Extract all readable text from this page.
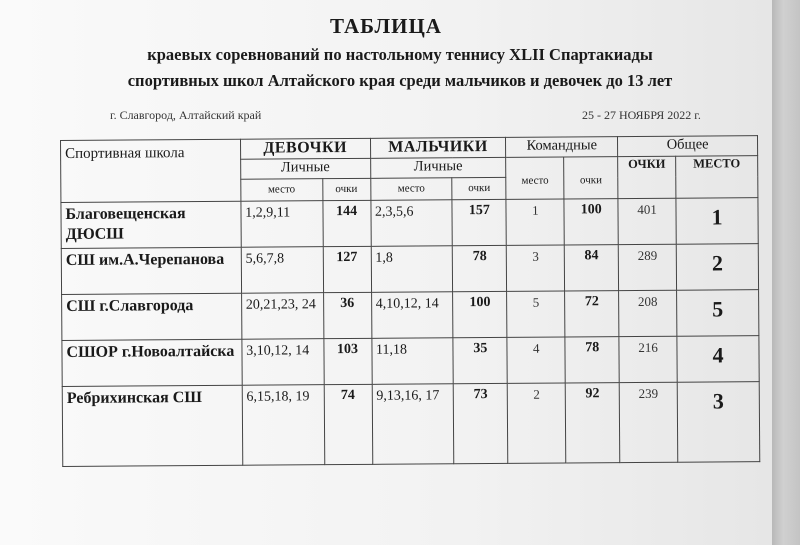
ТАБЛИЦА
краевых соревнований по настольному теннису XLII Спартакиады
спортивных школ Алтайского края среди мальчиков и девочек до 13 лет
г. Славгород, Алтайский край	25 - 27 НОЯБРЯ 2022 г.
Спортивная школа	ДЕВОЧКИ		МАЛЬЧИКИ		Командные		Общее	
	Личные		Личные		место	очки	ОЧКИ	МЕСТО
	место	очки	место	очки				
Благовещенская ДЮСШ	1,2,9,11	144	2,3,5,6	157	1	100	401	1
СШ им.А.Черепанова	5,6,7,8	127	1,8	78	3	84	289	2
СШ г.Славгорода	20,21,23, 24	36	4,10,12, 14	100	5	72	208	5
СШОР г.Новоалтайска	3,10,12, 14	103	11,18	35	4	78	216	4
Ребрихинская СШ	6,15,18, 19	74	9,13,16, 17	73	2	92	239	3
